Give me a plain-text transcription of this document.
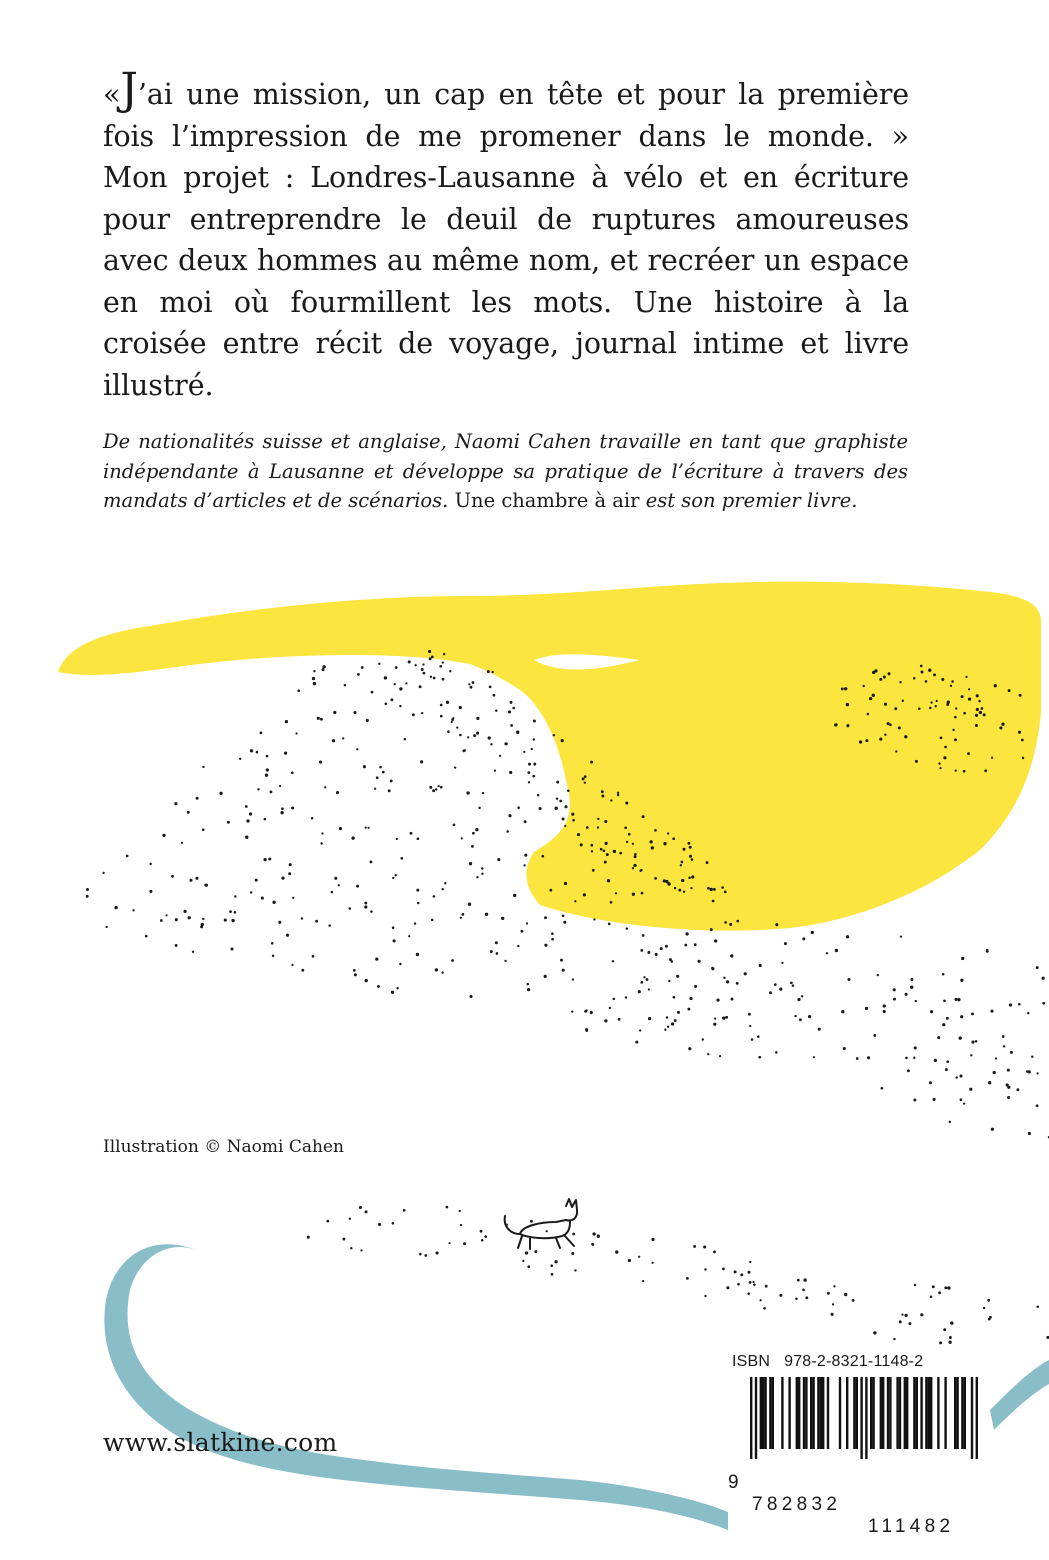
«J’ai une mission, un cap en tête et pour la première fois l’impression de me promener dans le monde. » Mon projet : Londres-Lausanne à vélo et en écriture pour entreprendre le deuil de ruptures amoureuses avec deux hommes au même nom, et recréer un espace en moi où fourmillent les mots. Une histoire à la croisée entre récit de voyage, journal intime et livre illustré.

De nationalités suisse et anglaise, Naomi Cahen travaille en tant que graphiste indépendante à Lausanne et développe sa pratique de l’écriture à travers des mandats d’articles et de scénarios. Une chambre à air est son premier livre.

Illustration © Naomi Cahen

www.slatkine.com

ISBN 978-2-8321-1148-2

9

782832

111482
